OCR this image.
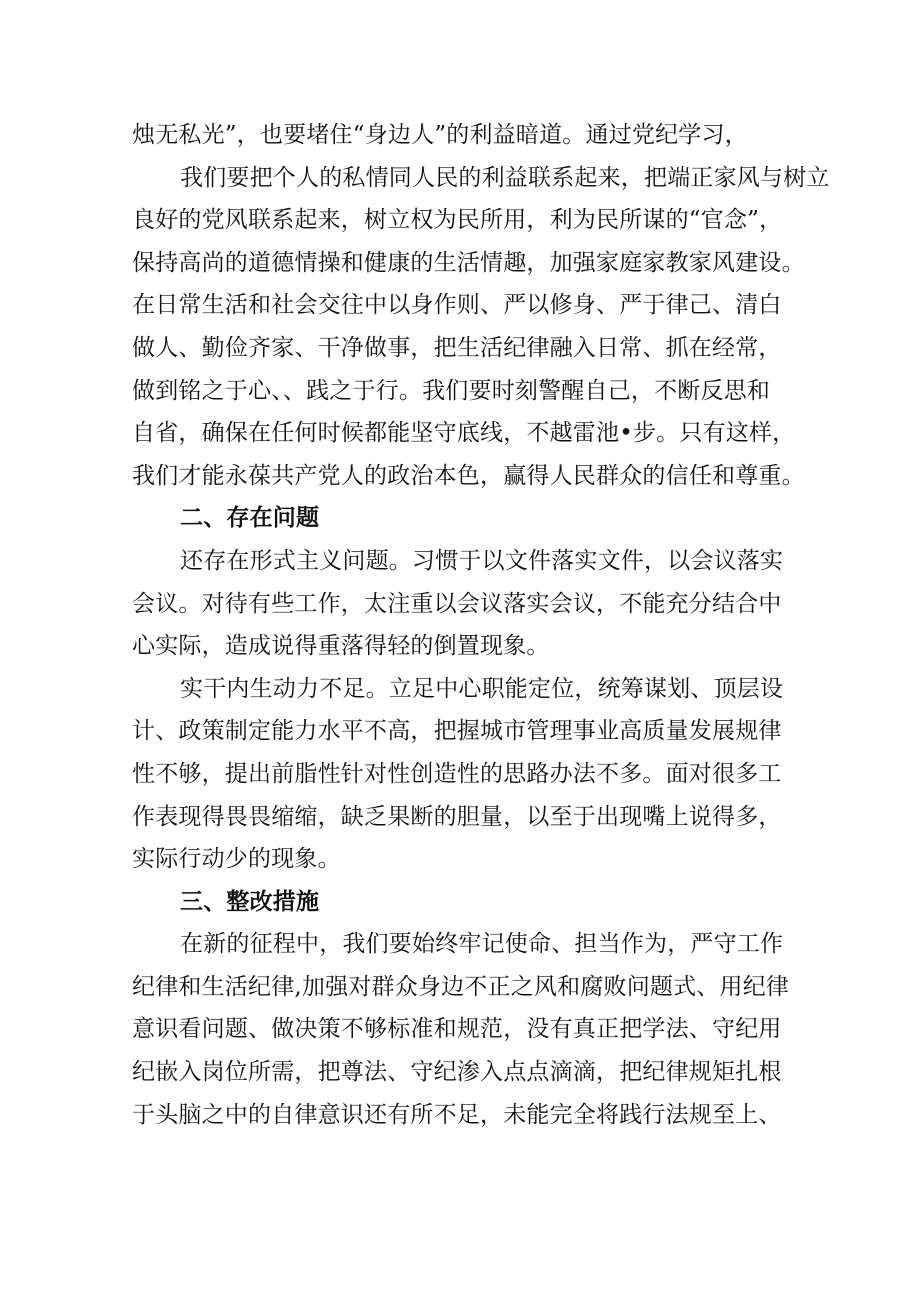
烛无私光”，也要堵住“身边人”的利益暗道。通过党纪学习，
我们要把个人的私情同人民的利益联系起来，把端正家风与树立
良好的党风联系起来，树立权为民所用，利为民所谋的“官念”，
保持高尚的道德情操和健康的生活情趣，加强家庭家教家风建设。
在日常生活和社会交往中以身作则、严以修身、严于律己、清白
做人、勤俭齐家、干净做事，把生活纪律融入日常、抓在经常，
做到铭之于心、、践之于行。我们要时刻警醒自己，不断反思和
自省，确保在任何时候都能坚守底线，不越雷池•步。只有这样，
我们才能永葆共产党人的政治本色，赢得人民群众的信任和尊重。
二、存在问题
还存在形式主义问题。习惯于以文件落实文件，以会议落实
会议。对待有些工作，太注重以会议落实会议，不能充分结合中
心实际，造成说得重落得轻的倒置现象。
实干内生动力不足。立足中心职能定位，统筹谋划、顶层设
计、政策制定能力水平不高，把握城市管理事业高质量发展规律
性不够，提出前脂性针对性创造性的思路办法不多。面对很多工
作表现得畏畏缩缩，缺乏果断的胆量，以至于出现嘴上说得多，
实际行动少的现象。
三、整改措施
在新的征程中，我们要始终牢记使命、担当作为，严守工作
纪律和生活纪律,加强对群众身边不正之风和腐败问题式、用纪律
意识看问题、做决策不够标准和规范，没有真正把学法、守纪用
纪嵌入岗位所需，把尊法、守纪渗入点点滴滴，把纪律规矩扎根
于头脑之中的自律意识还有所不足，未能完全将践行法规至上、
